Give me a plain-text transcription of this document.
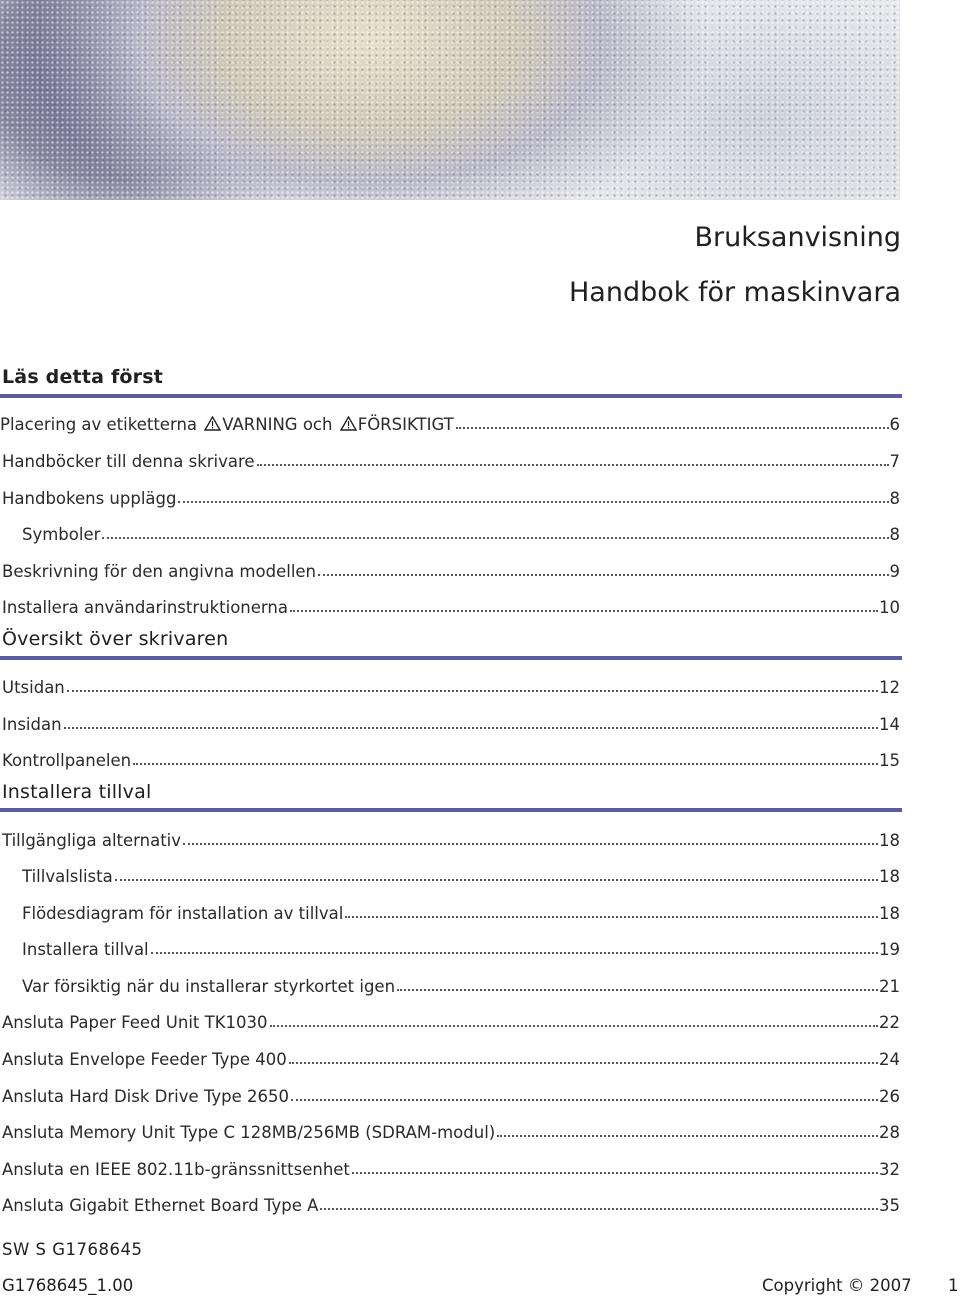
Bruksanvisning
Handbok för maskinvara
Läs detta först
Placering av etiketterna VARNING och FÖRSIKTIGT	6
Handböcker till denna skrivare	7
Handbokens upplägg	8
Symboler	8
Beskrivning för den angivna modellen	9
Installera användarinstruktionerna	10
Översikt över skrivaren
Utsidan	12
Insidan	14
Kontrollpanelen	15
Installera tillval
Tillgängliga alternativ	18
Tillvalslista	18
Flödesdiagram för installation av tillval	18
Installera tillval	19
Var försiktig när du installerar styrkortet igen	21
Ansluta Paper Feed Unit TK1030	22
Ansluta Envelope Feeder Type 400	24
Ansluta Hard Disk Drive Type 2650	26
Ansluta Memory Unit Type C 128MB/256MB (SDRAM-modul)	28
Ansluta en IEEE 802.11b-gränssnittsenhet	32
Ansluta Gigabit Ethernet Board Type A	35
SW S G1768645
G1768645_1.00	Copyright © 2007 1
